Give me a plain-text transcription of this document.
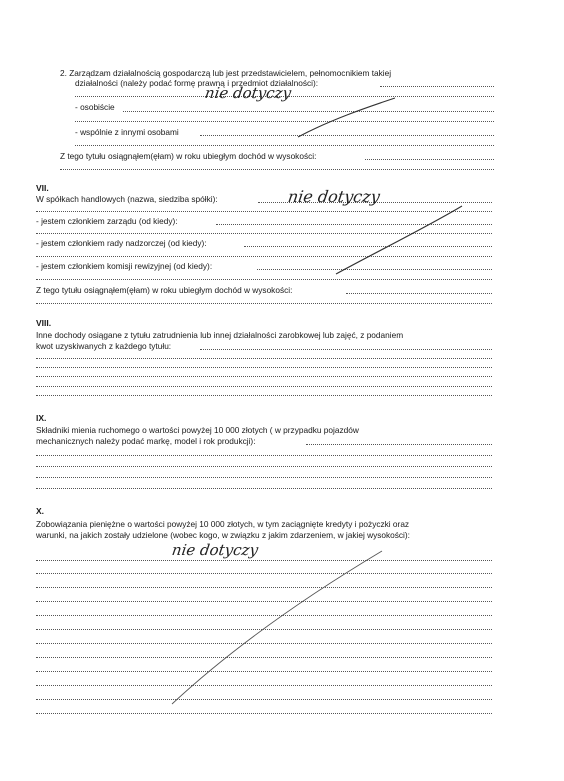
2. Zarządzam działalnością gospodarczą lub jest przedstawicielem, pełnomocnikiem takiej
działalności (należy podać formę prawną i przedmiot działalności):
nie dotyczy
- osobiście
- wspólnie z innymi osobami
Z tego tytułu osiągnąłem(ęłam) w roku ubiegłym dochód w wysokości:
VII.
W spółkach handlowych (nazwa, siedziba spółki):	nie dotyczy
- jestem członkiem zarządu (od kiedy):
- jestem członkiem rady nadzorczej (od kiedy):
- jestem członkiem komisji rewizyjnej (od kiedy):
Z tego tytułu osiągnąłem(ęłam) w roku ubiegłym dochód w wysokości:
VIII.
Inne dochody osiągane z tytułu zatrudnienia lub innej działalności zarobkowej lub zajęć, z podaniem
kwot uzyskiwanych z każdego tytułu:
IX.
Składniki mienia ruchomego o wartości powyżej 10 000 złotych ( w przypadku pojazdów
mechanicznych należy podać markę, model i rok produkcji):
X.
Zobowiązania pieniężne o wartości powyżej 10 000 złotych, w tym zaciągnięte kredyty i pożyczki oraz
warunki, na jakich zostały udzielone (wobec kogo, w związku z jakim zdarzeniem, w jakiej wysokości):
nie dotyczy
